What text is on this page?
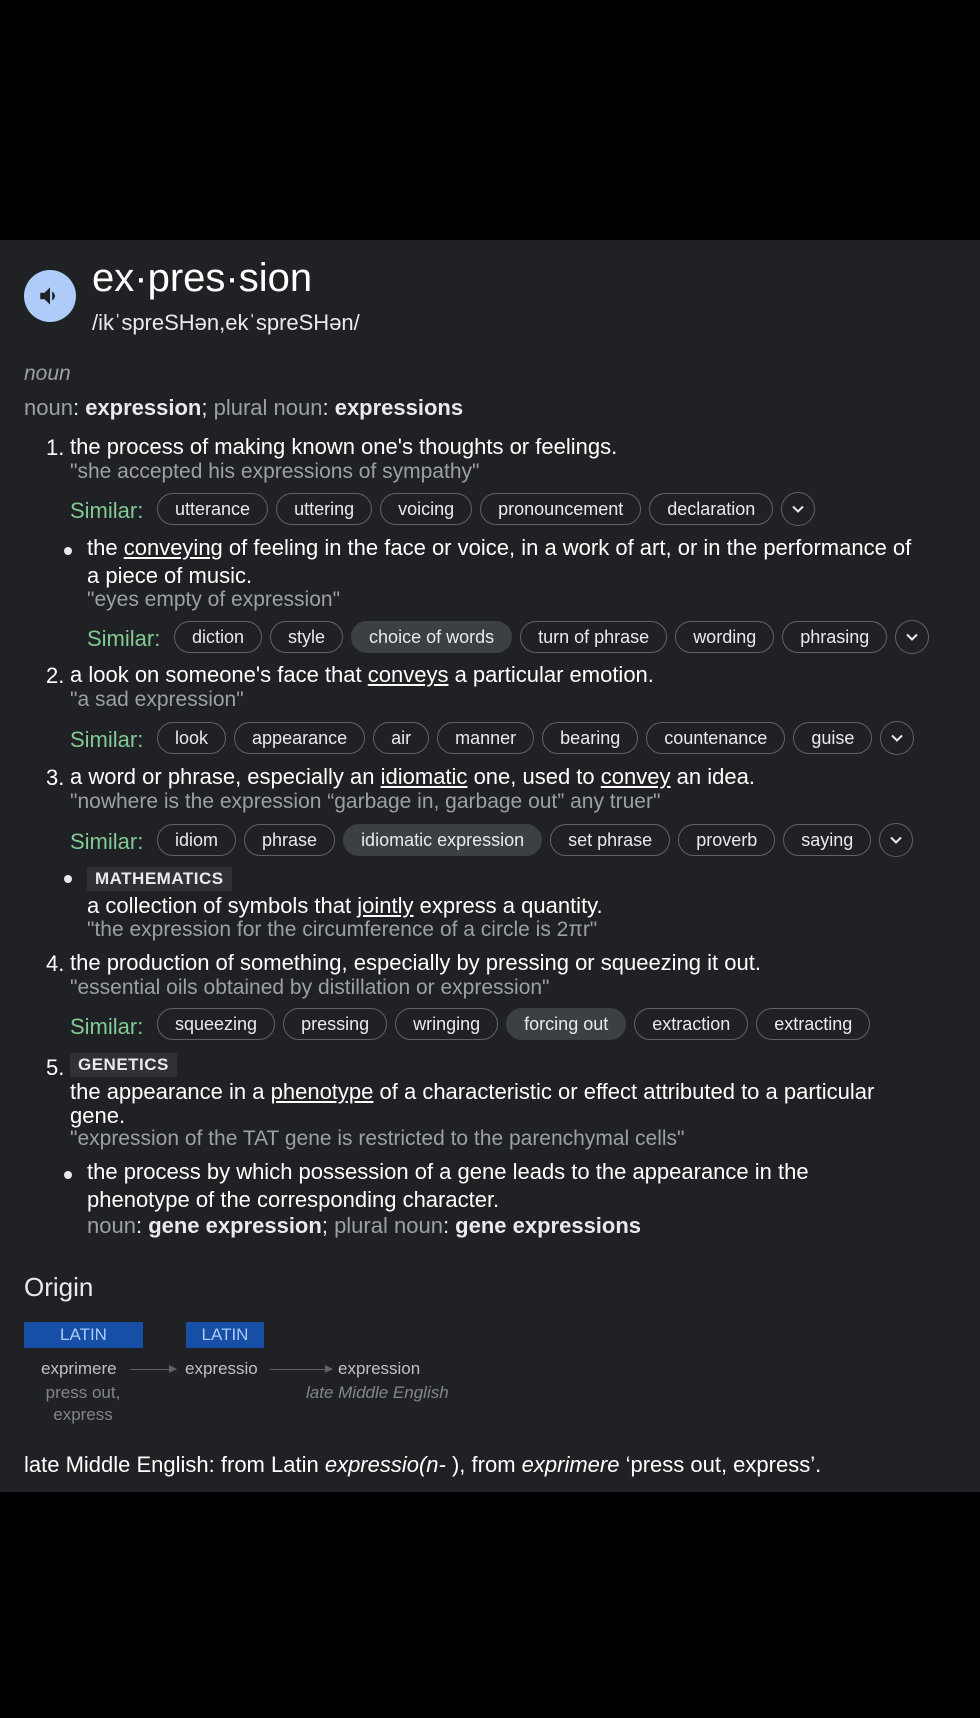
ex·pres·sion
/ikˈspreSHən,ekˈspreSHən/
noun
noun: expression; plural noun: expressions
1. the process of making known one's thoughts or feelings.
"she accepted his expressions of sympathy"
Similar:	utterance	uttering	voicing	pronouncement	declaration
the conveying of feeling in the face or voice, in a work of art, or in the performance of
a piece of music.
"eyes empty of expression"
Similar:	diction	style	choice of words	turn of phrase	wording	phrasing
2. a look on someone's face that conveys a particular emotion.
"a sad expression"
Similar:	look	appearance	air	manner	bearing	countenance	guise
3. a word or phrase, especially an idiomatic one, used to convey an idea.
"nowhere is the expression “garbage in, garbage out” any truer"
Similar:	idiom	phrase	idiomatic expression	set phrase	proverb	saying
MATHEMATICS
a collection of symbols that jointly express a quantity.
"the expression for the circumference of a circle is 2πr"
4. the production of something, especially by pressing or squeezing it out.
"essential oils obtained by distillation or expression"
Similar:	squeezing	pressing	wringing	forcing out	extraction	extracting
5. GENETICS
the appearance in a phenotype of a characteristic or effect attributed to a particular
gene.
"expression of the TAT gene is restricted to the parenchymal cells"
the process by which possession of a gene leads to the appearance in the
phenotype of the corresponding character.
noun: gene expression; plural noun: gene expressions
Origin
LATIN	LATIN
exprimere	expressio	expression
press out,
express
late Middle English
late Middle English: from Latin expressio(n- ), from exprimere ‘press out, express’.
